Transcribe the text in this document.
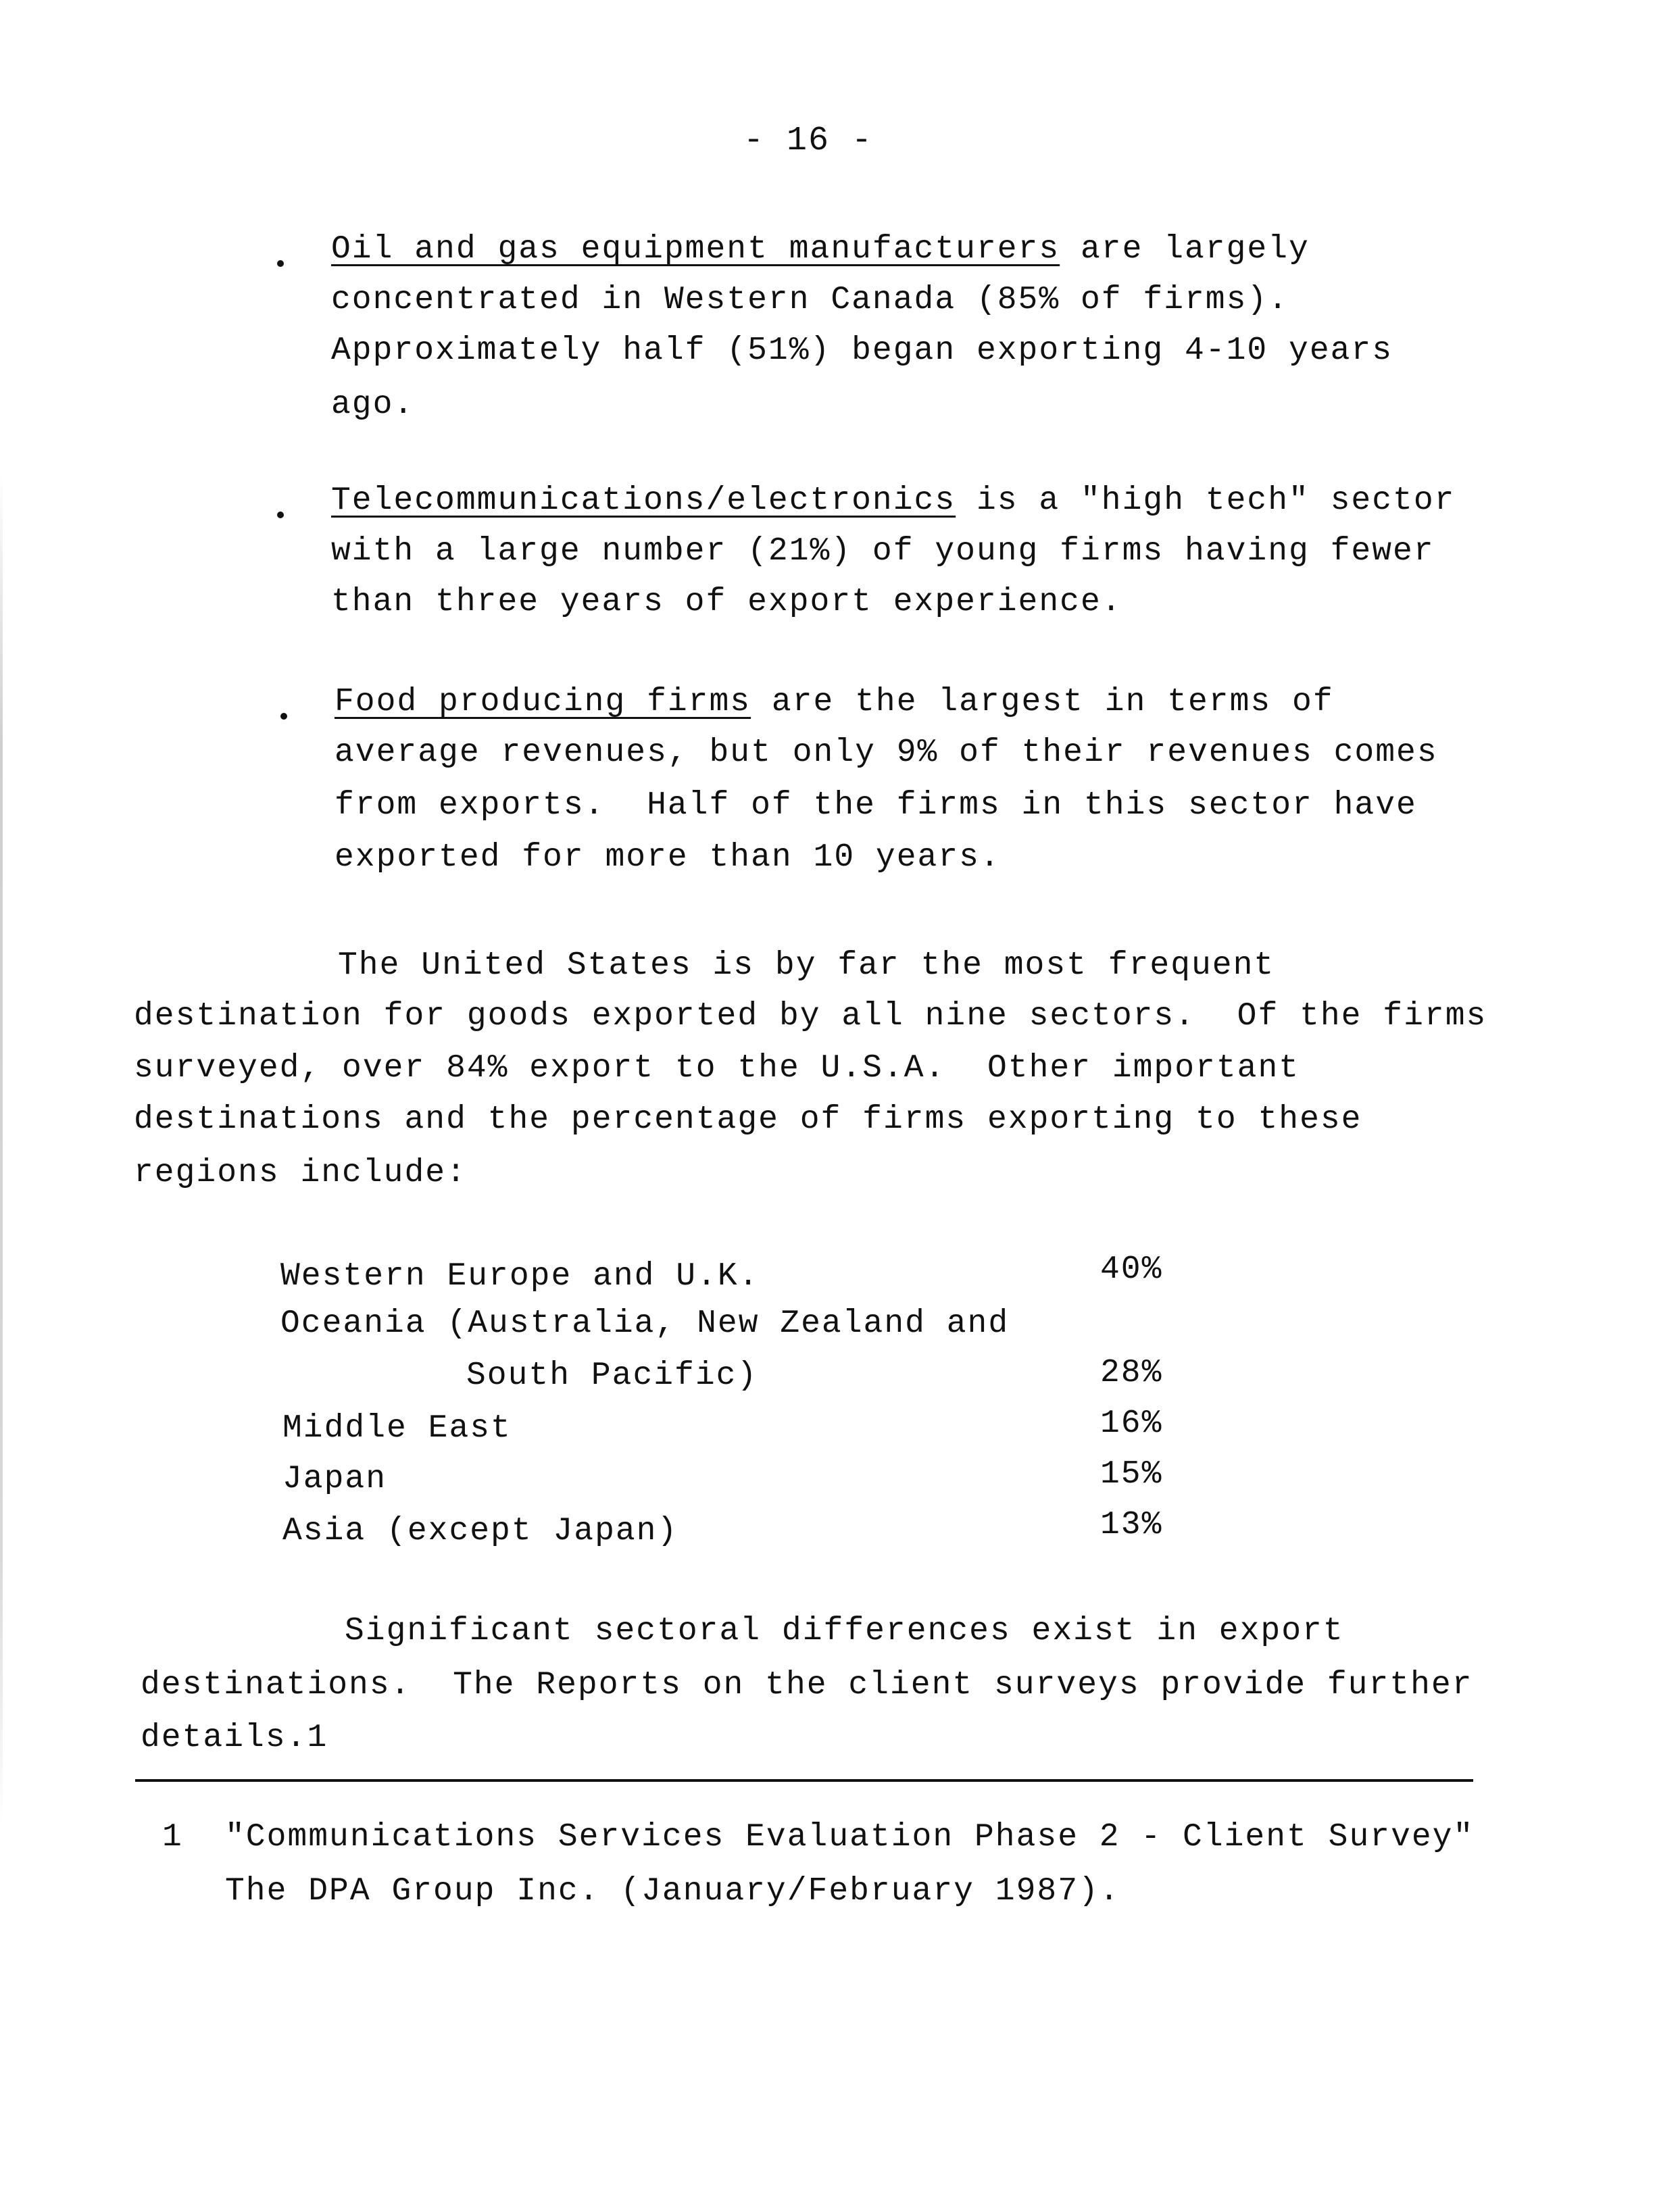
- 16 -
Oil and gas equipment manufacturers are largely
concentrated in Western Canada (85% of firms).
Approximately half (51%) began exporting 4-10 years
ago.
Telecommunications/electronics is a "high tech" sector
with a large number (21%) of young firms having fewer
than three years of export experience.
Food producing firms are the largest in terms of
average revenues, but only 9% of their revenues comes
from exports.  Half of the firms in this sector have
exported for more than 10 years.
The United States is by far the most frequent
destination for goods exported by all nine sectors.  Of the firms
surveyed, over 84% export to the U.S.A.  Other important
destinations and the percentage of firms exporting to these
regions include:
Western Europe and U.K.	40%
Oceania (Australia, New Zealand and
South Pacific)	28%
Middle East	16%
Japan	15%
Asia (except Japan)	13%
Significant sectoral differences exist in export
destinations.  The Reports on the client surveys provide further
details.1
1 "Communications Services Evaluation Phase 2 - Client Survey"
The DPA Group Inc. (January/February 1987).
